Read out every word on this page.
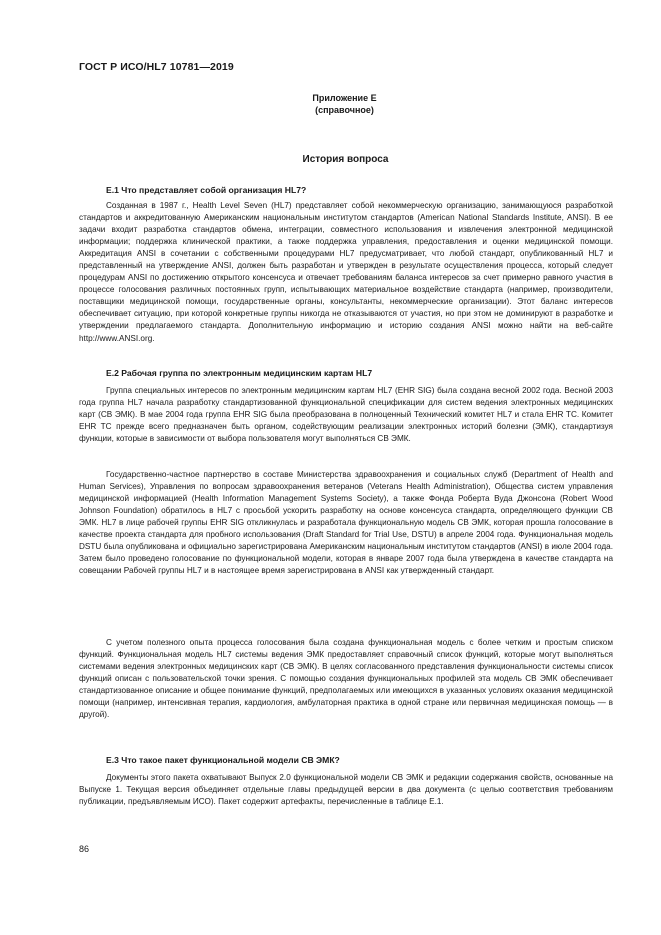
ГОСТ Р ИСО/HL7 10781—2019
Приложение Е
(справочное)
История вопроса
Е.1 Что представляет собой организация HL7?

Созданная в 1987 г., Health Level Seven (HL7) представляет собой некоммерческую организацию, занимающуюся разработкой стандартов и аккредитованную Американским национальным институтом стандартов (American National Standards Institute, ANSI). В ее задачи входит разработка стандартов обмена, интеграции, совместного использования и извлечения электронной медицинской информации; поддержка клинической практики, а также поддержка управления, предоставления и оценки медицинской помощи. Аккредитация ANSI в сочетании с собственными процедурами HL7 предусматривает, что любой стандарт, опубликованный HL7 и представленный на утверждение ANSI, должен быть разработан и утвержден в результате осуществления процесса, который следует процедурам ANSI по достижению открытого консенсуса и отвечает требованиям баланса интересов за счет примерно равного участия в процессе голосования различных постоянных групп, испытывающих материальное воздействие стандарта (например, производители, поставщики медицинской помощи, государственные органы, консультанты, некоммерческие организации). Этот баланс интересов обеспечивает ситуацию, при которой конкретные группы никогда не отказываются от участия, но при этом не доминируют в разработке и утверждении предлагаемого стандарта. Дополнительную информацию и историю создания ANSI можно найти на веб-сайте http://www.ANSI.org.

Е.2 Рабочая группа по электронным медицинским картам HL7

Группа специальных интересов по электронным медицинским картам HL7 (EHR SIG) была создана весной 2002 года. Весной 2003 года группа HL7 начала разработку стандартизованной функциональной спецификации для систем ведения электронных медицинских карт (СВ ЭМК). В мае 2004 года группа EHR SIG была преобразована в полноценный Технический комитет HL7 и стала EHR TC. Комитет EHR TC прежде всего предназначен быть органом, содействующим реализации электронных историй болезни (ЭМК), стандартизуя функции, которые в зависимости от выбора пользователя могут выполняться СВ ЭМК.

Государственно-частное партнерство в составе Министерства здравоохранения и социальных служб (Department of Health and Human Services), Управления по вопросам здравоохранения ветеранов (Veterans Health Administration), Общества систем управления медицинской информацией (Health Information Management Systems Society), а также Фонда Роберта Вуда Джонсона (Robert Wood Johnson Foundation) обратилось в HL7 с просьбой ускорить разработку на основе консенсуса стандарта, определяющего функции СВ ЭМК. HL7 в лице рабочей группы EHR SIG откликнулась и разработала функциональную модель СВ ЭМК, которая прошла голосование в качестве проекта стандарта для пробного использования (Draft Standard for Trial Use, DSTU) в апреле 2004 года. Функциональная модель DSTU была опубликована и официально зарегистрирована Американским национальным институтом стандартов (ANSI) в июле 2004 года. Затем было проведено голосование по функциональной модели, которая в январе 2007 года была утверждена в качестве стандарта на совещании Рабочей группы HL7 и в настоящее время зарегистрирована в ANSI как утвержденный стандарт.

С учетом полезного опыта процесса голосования была создана функциональная модель с более четким и простым списком функций. Функциональная модель HL7 системы ведения ЭМК предоставляет справочный список функций, которые могут выполняться системами ведения электронных медицинских карт (СВ ЭМК). В целях согласованного представления функциональности системы список функций описан с пользовательской точки зрения. С помощью создания функциональных профилей эта модель СВ ЭМК обеспечивает стандартизованное описание и общее понимание функций, предполагаемых или имеющихся в указанных условиях оказания медицинской помощи (например, интенсивная терапия, кардиология, амбулаторная практика в одной стране или первичная медицинская помощь — в другой).

Е.3 Что такое пакет функциональной модели СВ ЭМК?

Документы этого пакета охватывают Выпуск 2.0 функциональной модели СВ ЭМК и редакции содержания свойств, основанные на Выпуске 1. Текущая версия объединяет отдельные главы предыдущей версии в два документа (с целью соответствия требованиям публикации, предъявляемым ИСО). Пакет содержит артефакты, перечисленные в таблице Е.1.

86
